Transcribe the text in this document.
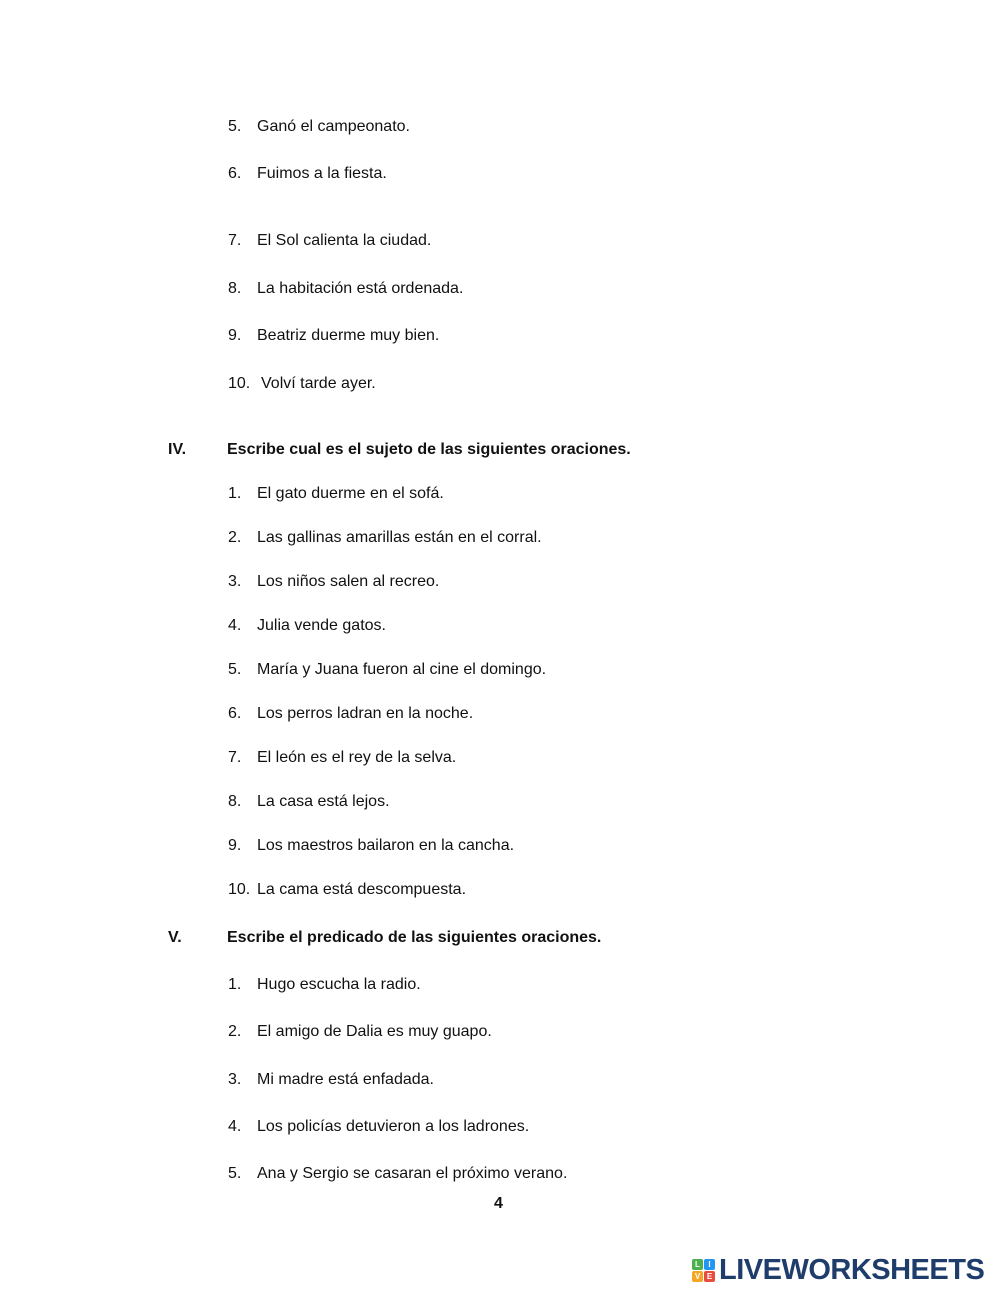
5. Ganó el campeonato.
6. Fuimos a la fiesta.
7. El Sol calienta la ciudad.
8. La habitación está ordenada.
9. Beatriz duerme muy bien.
10. Volví tarde ayer.
IV.	Escribe cual es el sujeto de las siguientes oraciones.
1. El gato duerme en el sofá.
2. Las gallinas amarillas están en el corral.
3. Los niños salen al recreo.
4. Julia vende gatos.
5. María y Juana fueron al cine el domingo.
6. Los perros ladran en la noche.
7. El león es el rey de la selva.
8. La casa está lejos.
9. Los maestros bailaron en la cancha.
10. La cama está descompuesta.
V.	Escribe el predicado de las siguientes oraciones.
1. Hugo escucha la radio.
2. El amigo de Dalia es muy guapo.
3. Mi madre está enfadada.
4. Los policías detuvieron a los ladrones.
5. Ana y Sergio se casaran el próximo verano.
4
L	I
V E LIVEWORKSHEETS
